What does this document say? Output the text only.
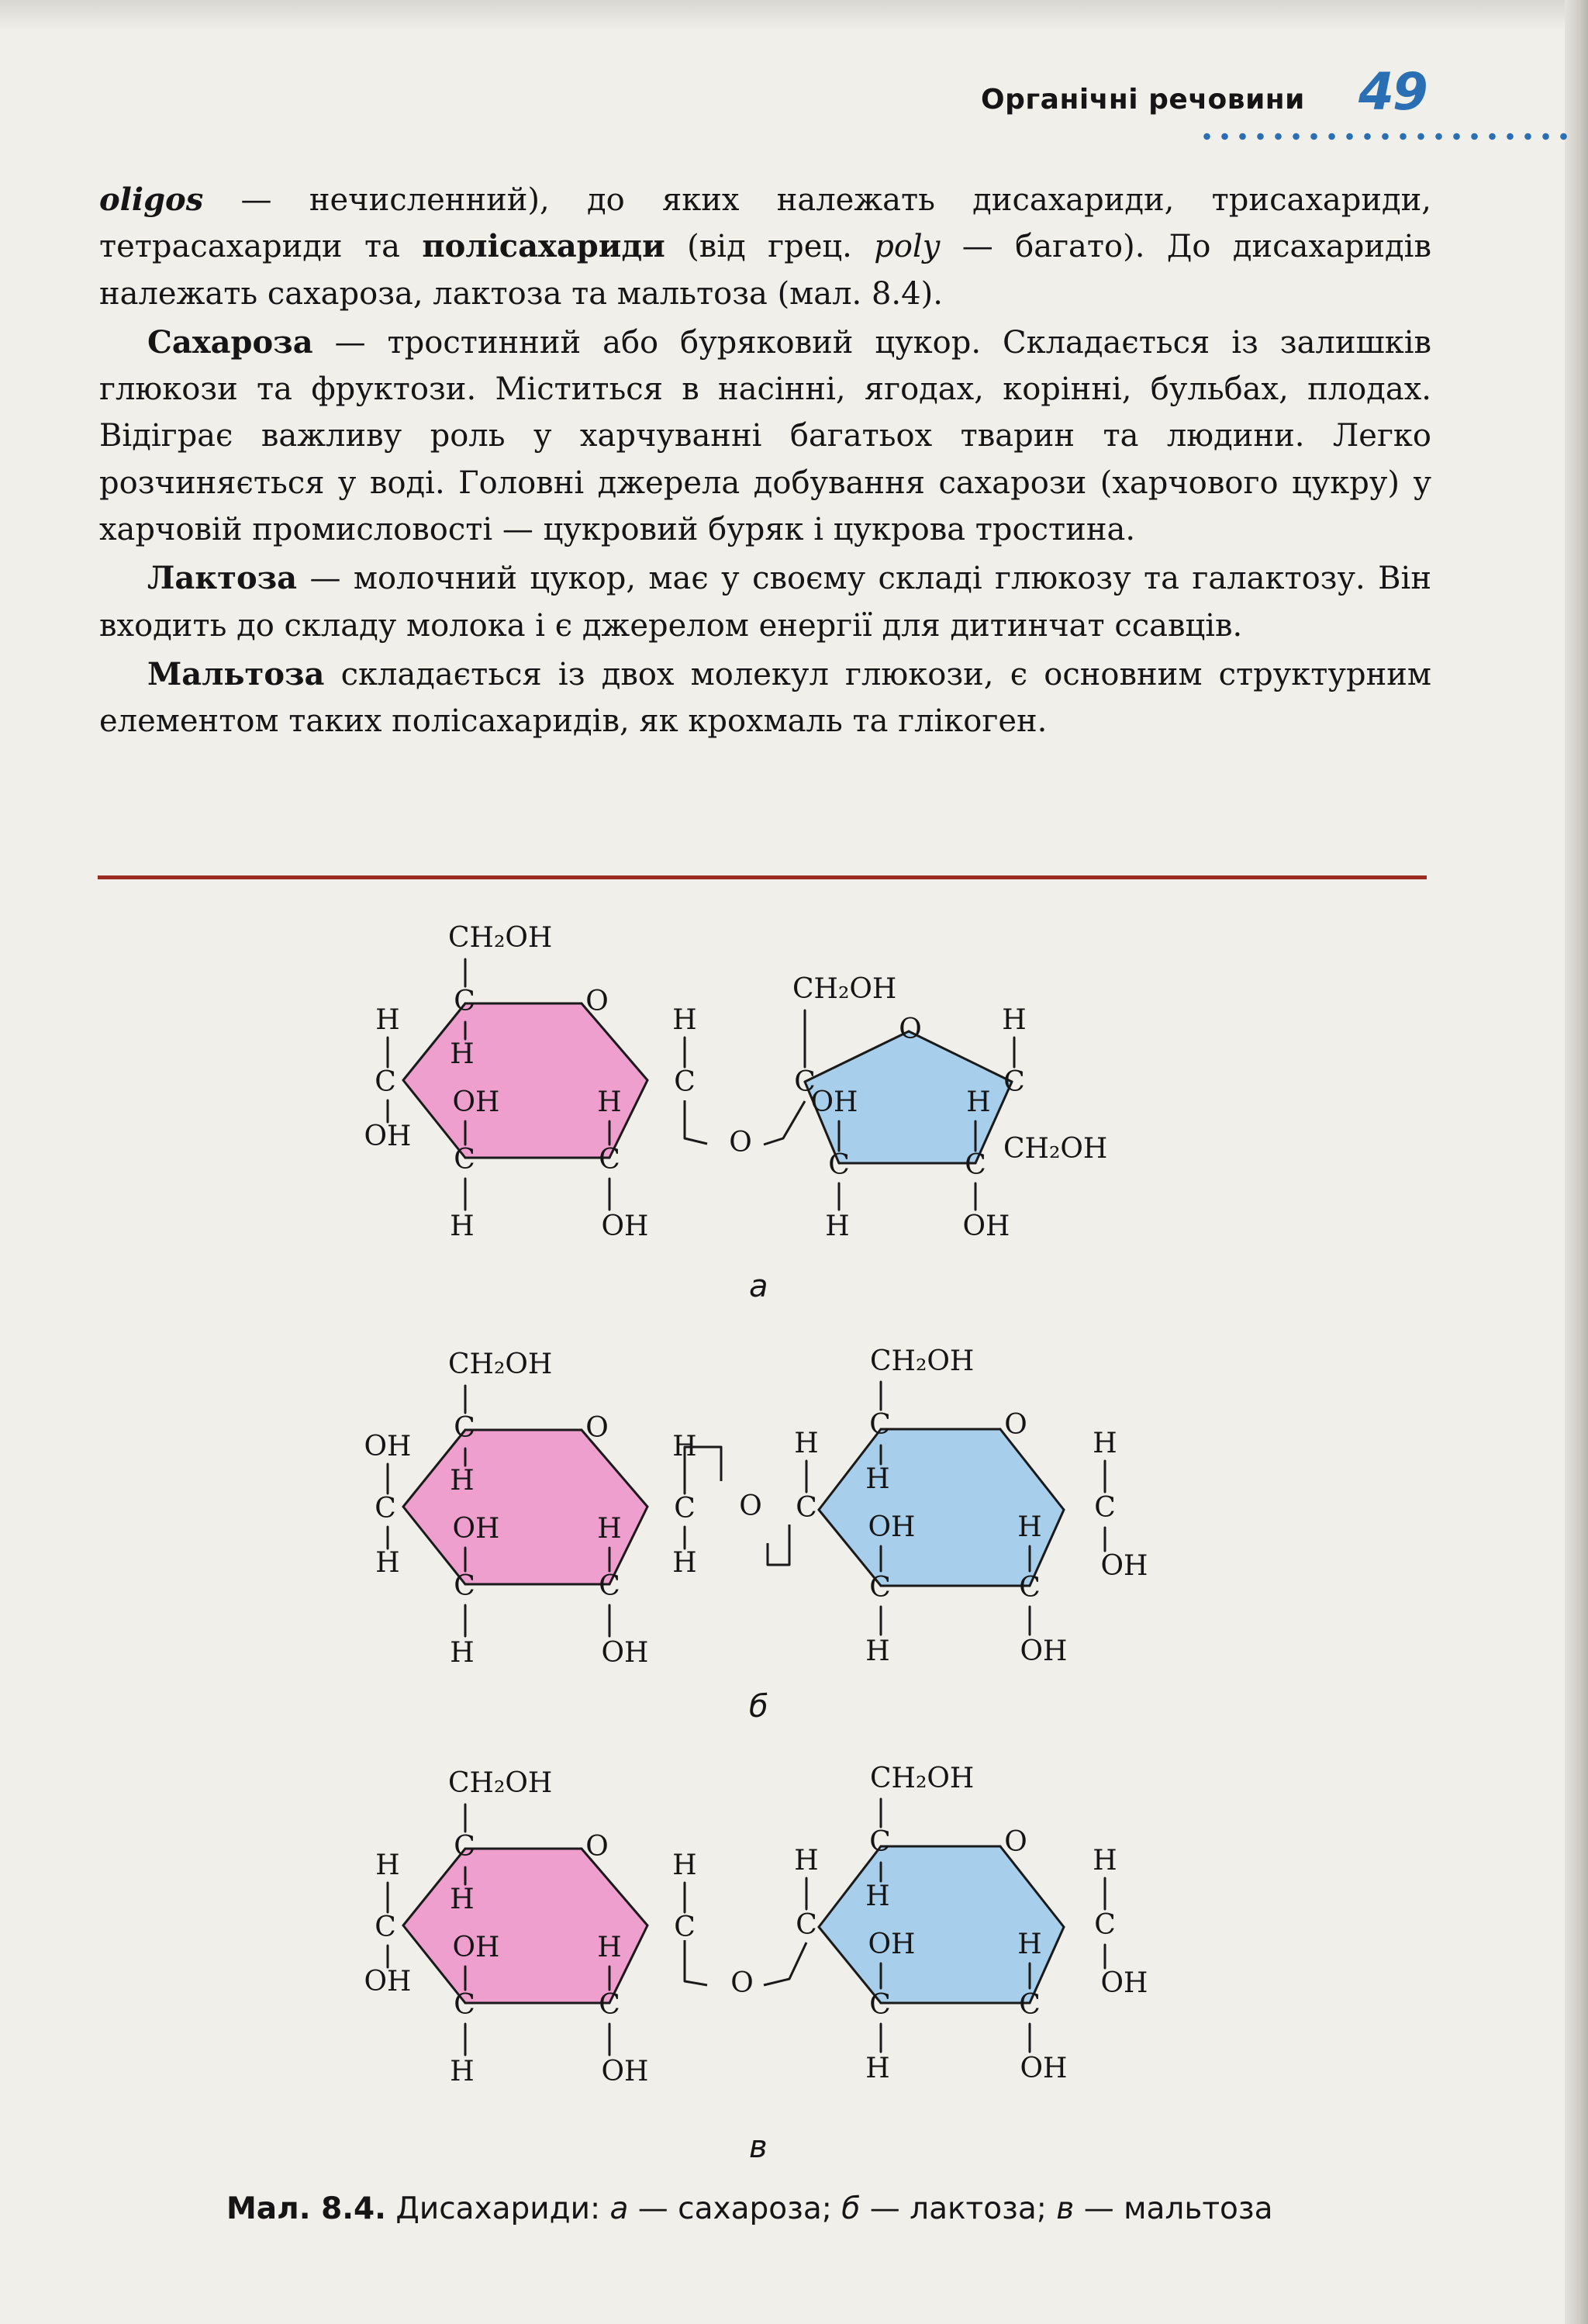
Органічні речовини 49

oligos — нечисленний), до яких належать дисахариди, трисахариди, тетрасахариди та полісахариди (від грец. poly — багато). До дисахаридів належать сахароза, лактоза та мальтоза (мал. 8.4).

Сахароза — тростинний або буряковий цукор. Складається із залишків глюкози та фруктози. Міститься в насінні, ягодах, корінні, бульбах, плодах. Відіграє важливу роль у харчуванні багатьох тварин та людини. Легко розчиняється у воді. Головні джерела добування сахарози (харчового цукру) у харчовій промисловості — цукровий буряк і цукрова тростина.

Лактоза — молочний цукор, має у своєму складі глюкозу та галактозу. Він входить до складу молока і є джерелом енергії для дитинчат ссавців.

Мальтоза складається із двох молекул глюкози, є основним структурним елементом таких полісахаридів, як крохмаль та глікоген.

C	O
C
C
C
C
CH₂OH
H
H
OH
OH
H
H
OH
H	O
C	C
C
C
CH₂OH
OH
H
H
OH
H
CH₂OH
O
C	O
C
C
C
C
CH₂OH
H
OH
H
OH
H
H
OH
H
H
C	O
C
C
C
C
CH₂OH
H
H
OH
H
H
OH
H
OH
O
C	O
C
C
C
C
CH₂OH
H
H
OH
OH
H
H
OH
H
C	O
C
C
C
C
CH₂OH
H
H
OH
H
H
OH
H
OH
O
а
б
в
Мал. 8.4. Дисахариди: а — сахароза; б — лактоза; в — мальтоза
